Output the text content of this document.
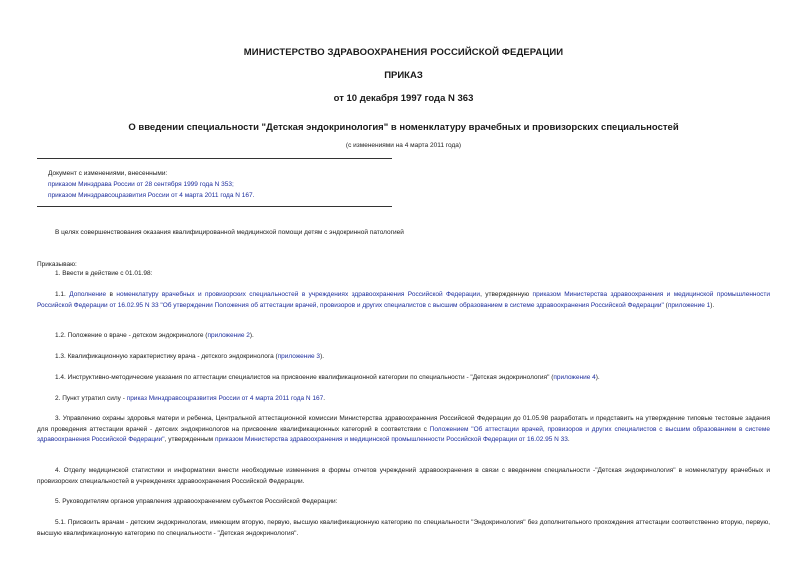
МИНИСТЕРСТВО ЗДРАВООХРАНЕНИЯ РОССИЙСКОЙ ФЕДЕРАЦИИ
ПРИКАЗ
от 10 декабря 1997 года N 363
О введении специальности "Детская эндокринология" в номенклатуру врачебных и провизорских специальностей
(с изменениями на 4 марта 2011 года)
Документ с изменениями, внесенными:
приказом Минздрава России от 28 сентября 1999 года N 353;
приказом Минздравсоцразвития России от 4 марта 2011 года N 167.

В целях совершенствования оказания квалифицированной медицинской помощи детям с эндокринной патологией

Приказываю:

1. Ввести в действие с 01.01.98:

1.1. Дополнение в номенклатуру врачебных и провизорских специальностей в учреждениях здравоохранения Российской Федерации, утвержденную приказом Министерства здравоохранения и медицинской промышленности Российской Федерации от 16.02.95 N 33 "Об утверждении Положения об аттестации врачей, провизоров и других специалистов с высшим образованием в системе здравоохранения Российской Федерации" (приложение 1).

1.2. Положение о враче - детском эндокринологе (приложение 2).

1.3. Квалификационную характеристику врача - детского эндокринолога (приложение 3).

1.4. Инструктивно-методические указания по аттестации специалистов на присвоение квалификационной категории по специальности - "Детская эндокринология" (приложение 4).

2. Пункт утратил силу - приказ Минздравсоцразвития России от 4 марта 2011 года N 167.

3. Управлению охраны здоровья матери и ребенка, Центральной аттестационной комиссии Министерства здравоохранения Российской Федерации до 01.05.98 разработать и представить на утверждение типовые тестовые задания для проведения аттестации врачей - детских эндокринологов на присвоение квалификационных категорий в соответствии с Положением "Об аттестации врачей, провизоров и других специалистов с высшим образованием в системе здравоохранения Российской Федерации", утвержденным приказом Министерства здравоохранения и медицинской промышленности Российской Федерации от 16.02.95 N 33.

4. Отделу медицинской статистики и информатики внести необходимые изменения в формы отчетов учреждений здравоохранения в связи с введением специальности -"Детская эндокринология" в номенклатуру врачебных и провизорских специальностей в учреждениях здравоохранения Российской Федерации.

5. Руководителям органов управления здравоохранением субъектов Российской Федерации:

5.1. Присвоить врачам - детским эндокринологам, имеющим вторую, первую, высшую квалификационную категорию по специальности "Эндокринология" без дополнительного прохождения аттестации соответственно вторую, первую, высшую квалификационную категорию по специальности - "Детская эндокринология".
